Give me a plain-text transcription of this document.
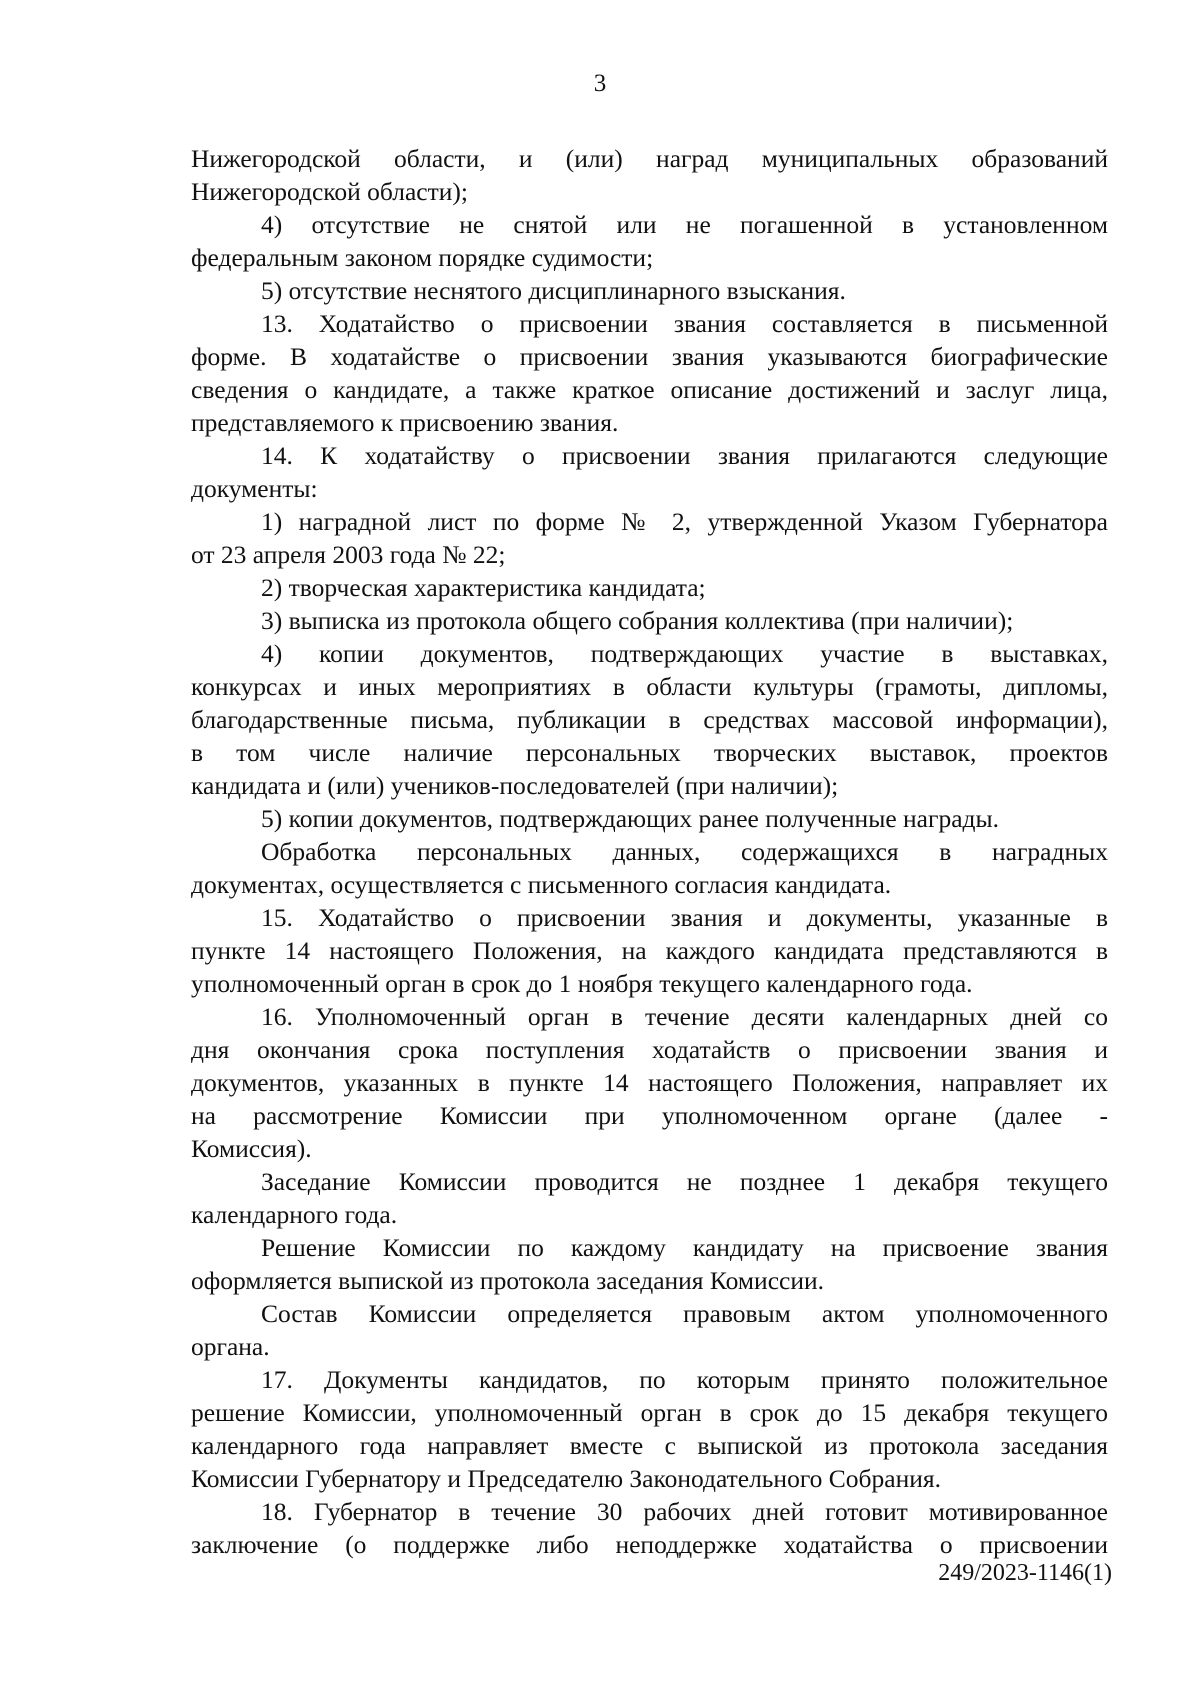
3
Нижегородской области, и (или) наград муниципальных образований
Нижегородской области);
4) отсутствие не снятой или не погашенной в установленном
федеральным законом порядке судимости;
5) отсутствие неснятого дисциплинарного взыскания.
13. Ходатайство о присвоении звания составляется в письменной
форме. В ходатайстве о присвоении звания указываются биографические
сведения о кандидате, а также краткое описание достижений и заслуг лица,
представляемого к присвоению звания.
14. К ходатайству о присвоении звания прилагаются следующие
документы:
1) наградной лист по форме № 2, утвержденной Указом Губернатора
от 23 апреля 2003 года № 22;
2) творческая характеристика кандидата;
3) выписка из протокола общего собрания коллектива (при наличии);
4) копии документов, подтверждающих участие в выставках,
конкурсах и иных мероприятиях в области культуры (грамоты, дипломы,
благодарственные письма, публикации в средствах массовой информации),
в том числе наличие персональных творческих выставок, проектов
кандидата и (или) учеников-последователей (при наличии);
5) копии документов, подтверждающих ранее полученные награды.
Обработка персональных данных, содержащихся в наградных
документах, осуществляется с письменного согласия кандидата.
15. Ходатайство о присвоении звания и документы, указанные в
пункте 14 настоящего Положения, на каждого кандидата представляются в
уполномоченный орган в срок до 1 ноября текущего календарного года.
16. Уполномоченный орган в течение десяти календарных дней со
дня окончания срока поступления ходатайств о присвоении звания и
документов, указанных в пункте 14 настоящего Положения, направляет их
на рассмотрение Комиссии при уполномоченном органе (далее -
Комиссия).
Заседание Комиссии проводится не позднее 1 декабря текущего
календарного года.
Решение Комиссии по каждому кандидату на присвоение звания
оформляется выпиской из протокола заседания Комиссии.
Состав Комиссии определяется правовым актом уполномоченного
органа.
17. Документы кандидатов, по которым принято положительное
решение Комиссии, уполномоченный орган в срок до 15 декабря текущего
календарного года направляет вместе с выпиской из протокола заседания
Комиссии Губернатору и Председателю Законодательного Собрания.
18. Губернатор в течение 30 рабочих дней готовит мотивированное
заключение (о поддержке либо неподдержке ходатайства о присвоении
249/2023-1146(1)
